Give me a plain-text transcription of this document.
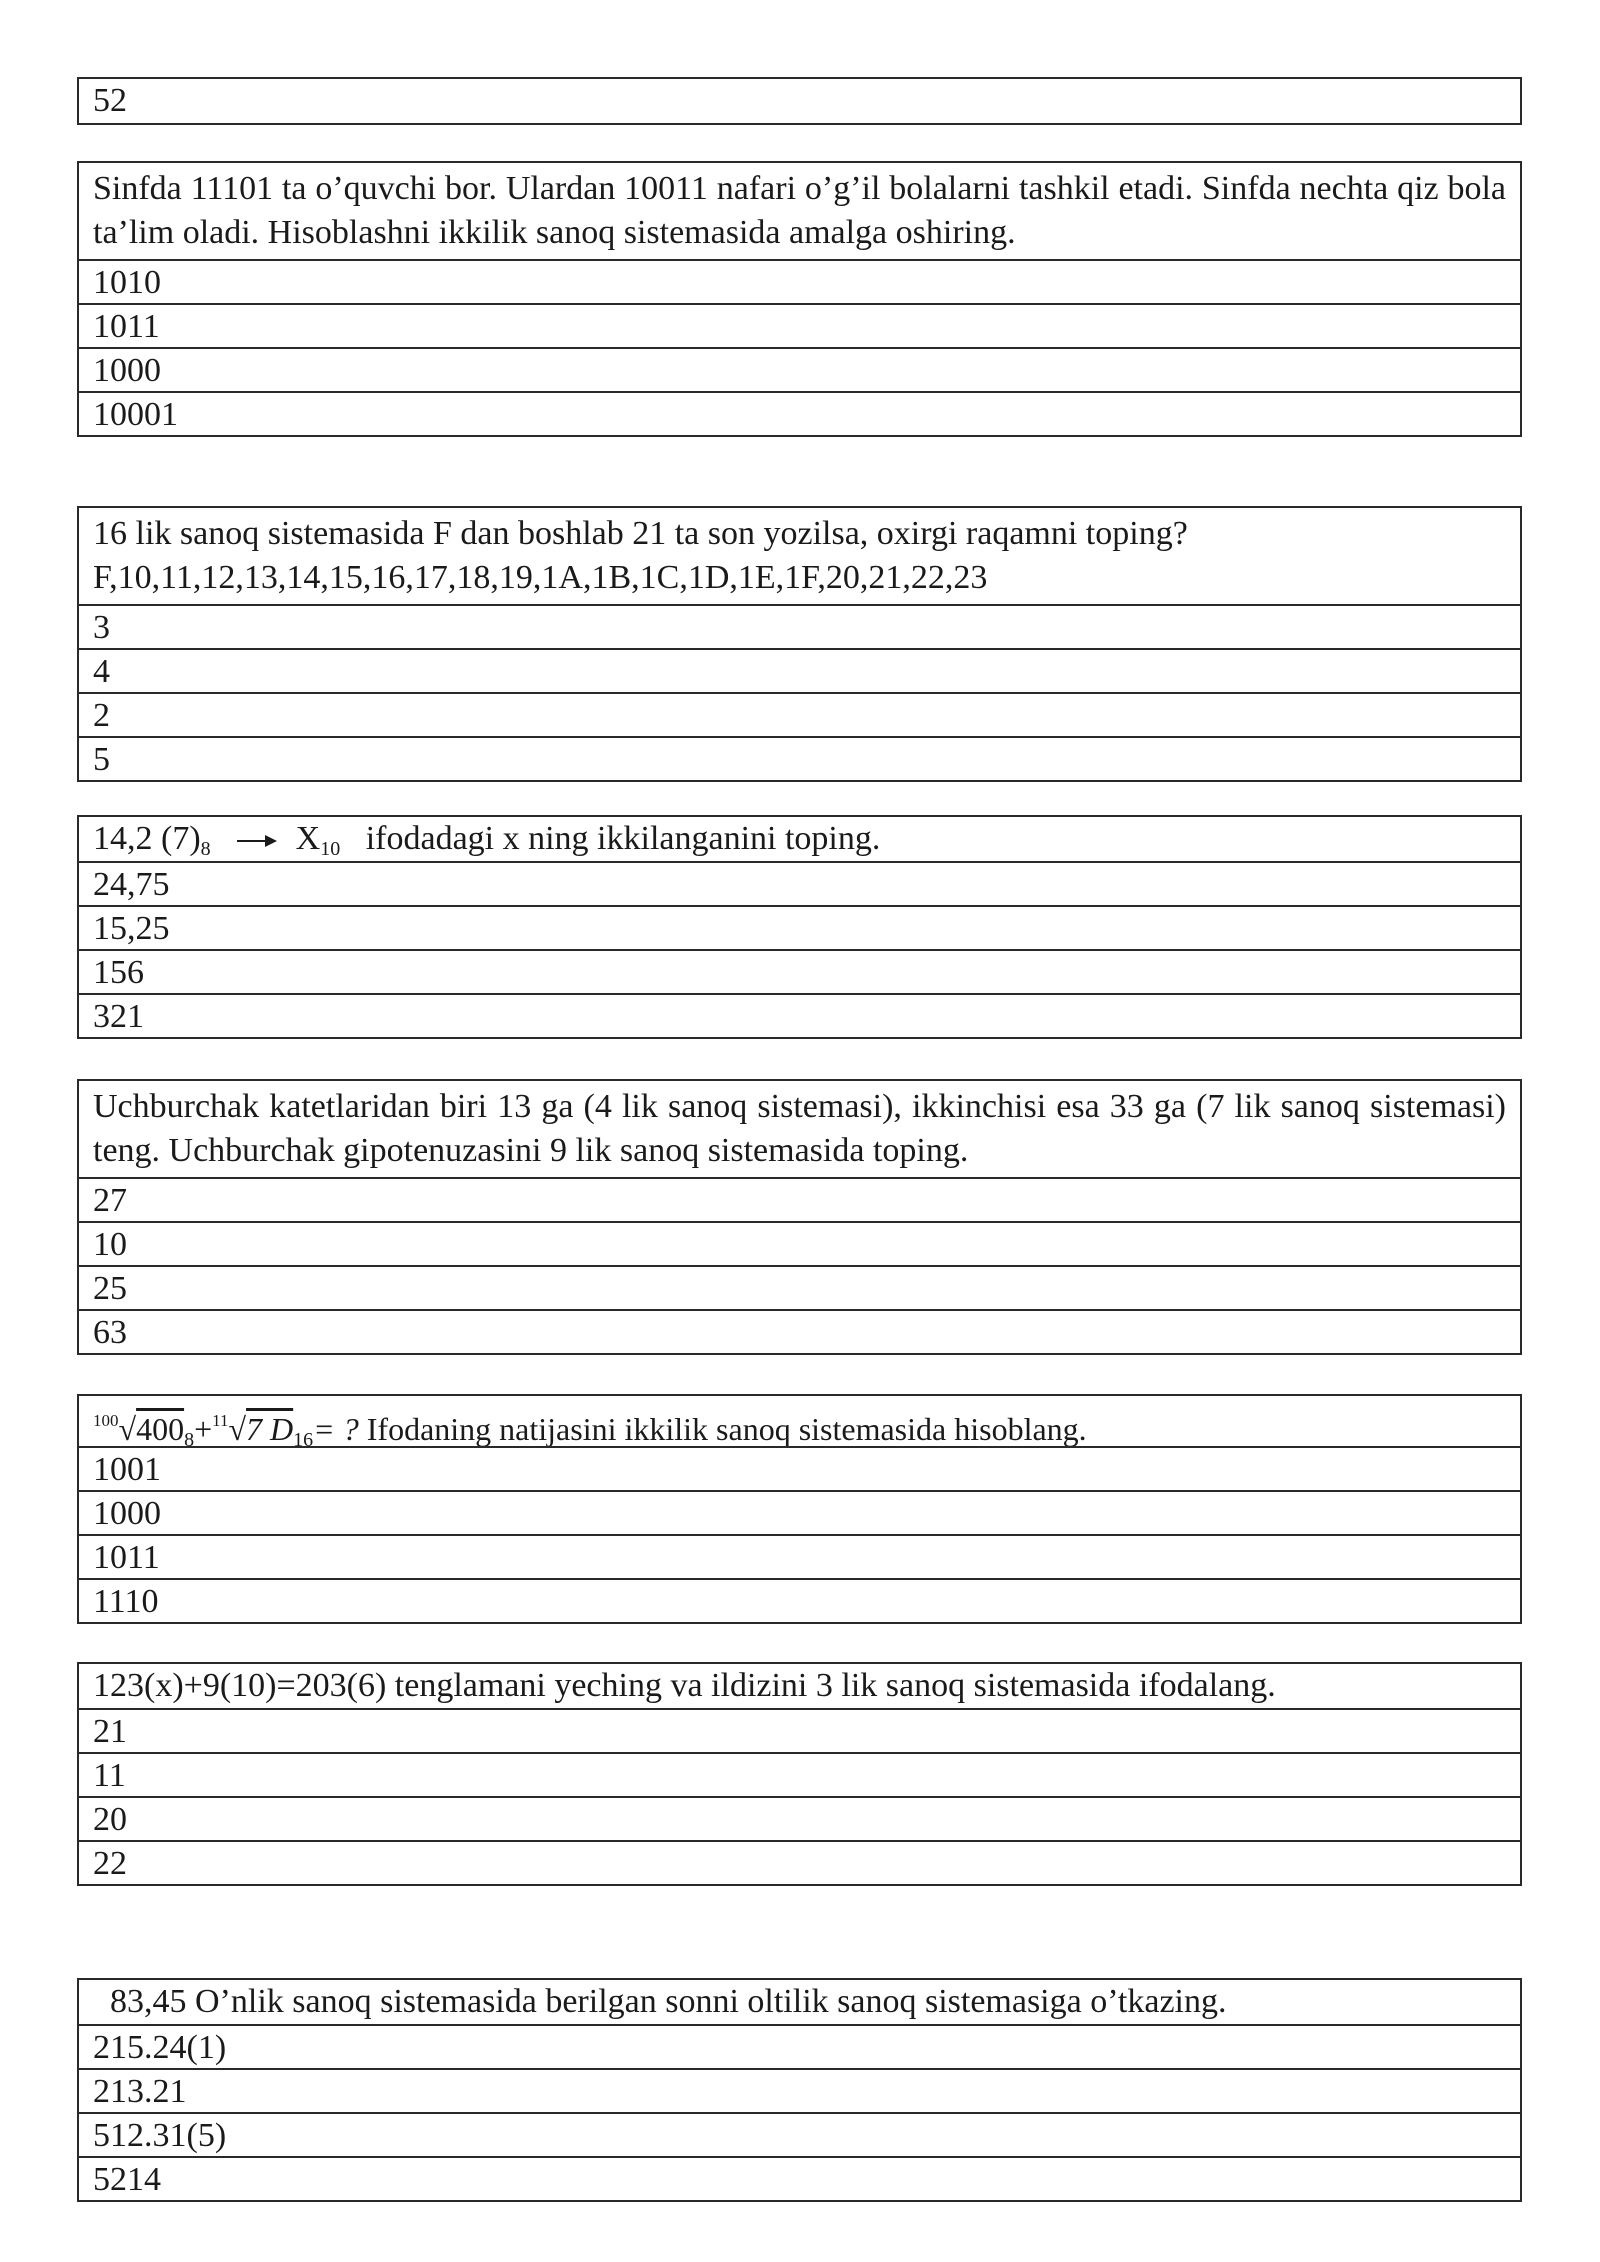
52
Sinfda 11101 ta o’quvchi bor. Ulardan 10011 nafari o’g’il bolalarni tashkil etadi. Sinfda nechta qiz bola ta’lim oladi. Hisoblashni ikkilik sanoq sistemasida amalga oshiring.
1010
1011
1000
10001
16 lik sanoq sistemasida F dan boshlab 21 ta son yozilsa, oxirgi raqamni toping?
F,10,11,12,13,14,15,16,17,18,19,1A,1B,1C,1D,1E,1F,20,21,22,23
3
4
2
5
14,2 $(7)_8$	$X_{10}$ ifodadagi x ning ikkilanganini toping.
24,75
15,25
156
321
Uchburchak katetlaridan biri 13 ga (4 lik sanoq sistemasi), ikkinchisi esa 33 ga (7 lik sanoq sistemasi) teng. Uchburchak gipotenuzasini 9 lik sanoq sistemasida toping.
27
10
25
63
$^{100}√400_8+^{11}√7$ $D_{16}=$ ? Ifodaning natijasini ikkilik sanoq sistemasida hisoblang.
1001
1000
1011
1110
123(x)+9(10)=203(6) tenglamani yeching va ildizini 3 lik sanoq sistemasida ifodalang.
21
11
20
22
83,45 O’nlik sanoq sistemasida berilgan sonni oltilik sanoq sistemasiga o’tkazing.
215.24(1)
213.21
512.31(5)
5214
